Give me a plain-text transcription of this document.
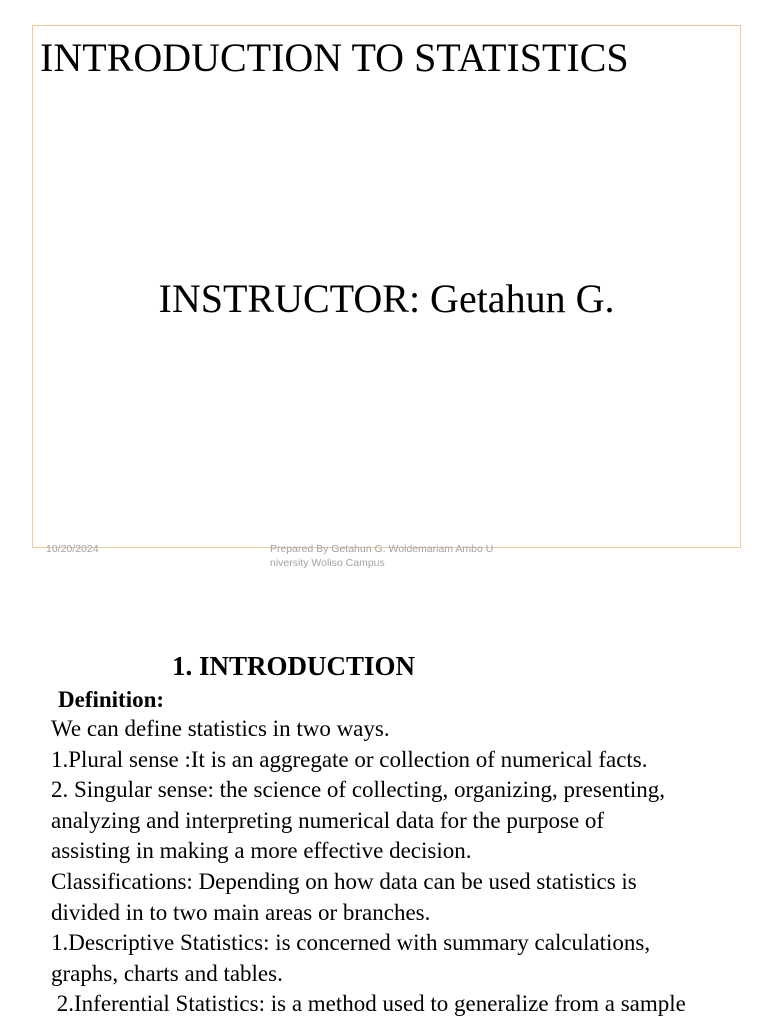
INTRODUCTION TO STATISTICS
INSTRUCTOR: Getahun G.
10/20/2024	Prepared By Getahun G. Woldemariam Ambo University Woliso Campus
1. INTRODUCTION
Definition:
We can define statistics in two ways.
1.Plural sense :It is an aggregate or collection of numerical facts.
2. Singular sense: the science of collecting, organizing, presenting,
analyzing and interpreting numerical data for the purpose of
assisting in making a more effective decision.
Classifications: Depending on how data can be used statistics is
divided in to two main areas or branches.
1.Descriptive Statistics: is concerned with summary calculations,
graphs, charts and tables.
2.Inferential Statistics: is a method used to generalize from a sample
